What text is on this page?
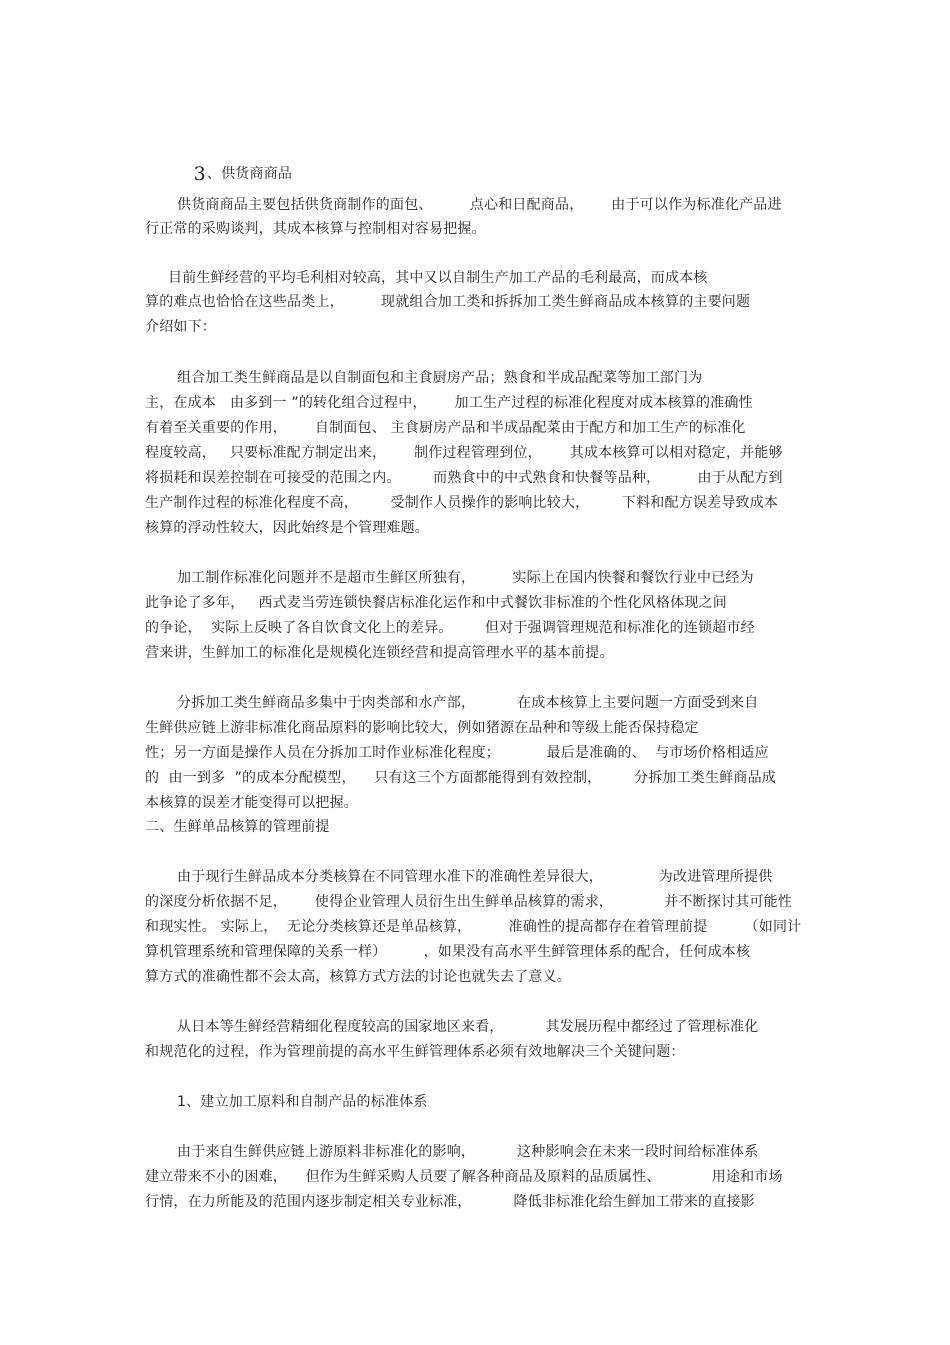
3、供货商商品

供货商商品主要包括供货商制作的面包、        点心和日配商品，      由于可以作为标准化产品进
行正常的采购谈判，其成本核算与控制相对容易把握。
目前生鲜经营的平均毛利相对较高，其中又以自制生产加工产品的毛利最高，而成本核
算的难点也恰恰在这些品类上，        现就组合加工类和拆拆加工类生鲜商品成本核算的主要问题
介绍如下：
组合加工类生鲜商品是以自制面包和主食厨房产品；熟食和半成品配菜等加工部门为
主，在成本   由多到一 ”的转化组合过程中，      加工生产过程的标准化程度对成本核算的准确性
有着至关重要的作用，      自制面包、 主食厨房产品和半成品配菜由于配方和加工生产的标准化
程度较高，   只要标准配方制定出来，      制作过程管理到位，      其成本核算可以相对稳定，并能够
将损耗和误差控制在可接受的范围之内。       而熟食中的中式熟食和快餐等品种，        由于从配方到
生产制作过程的标准化程度不高，       受制作人员操作的影响比较大，       下料和配方误差导致成本
核算的浮动性较大，因此始终是个管理难题。
加工制作标准化问题并不是超市生鲜区所独有，        实际上在国内快餐和餐饮行业中已经为
此争论了多年，   西式麦当劳连锁快餐店标准化运作和中式餐饮非标准的个性化风格体现之间
的争论，  实际上反映了各自饮食文化上的差异。       但对于强调管理规范和标准化的连锁超市经
营来讲，生鲜加工的标准化是规模化连锁经营和提高管理水平的基本前提。
分拆加工类生鲜商品多集中于肉类部和水产部，         在成本核算上主要问题一方面受到来自
生鲜供应链上游非标准化商品原料的影响比较大，例如猪源在品种和等级上能否保持稳定
性；另一方面是操作人员在分拆加工时作业标准化程度；          最后是准确的、  与市场价格相适应
的  由一到多  ”的成本分配模型，    只有这三个方面都能得到有效控制，       分拆加工类生鲜商品成
本核算的误差才能变得可以把握。
二、生鲜单品核算的管理前提
由于现行生鲜品成本分类核算在不同管理水准下的准确性差异很大，            为改进管理所提供
的深度分析依据不足，      使得企业管理人员衍生出生鲜单品核算的需求，           并不断探讨其可能性
和现实性。 实际上，  无论分类核算还是单品核算，        准确性的提高都存在着管理前提        （如同计
算机管理系统和管理保障的关系一样）        ，如果没有高水平生鲜管理体系的配合，任何成本核
算方式的准确性都不会太高，核算方式方法的讨论也就失去了意义。
从日本等生鲜经营精细化程度较高的国家地区来看，         其发展历程中都经过了管理标准化
和规范化的过程，作为管理前提的高水平生鲜管理体系必须有效地解决三个关键问题：
1、建立加工原料和自制产品的标准体系
由于来自生鲜供应链上游原料非标准化的影响，         这种影响会在未来一段时间给标准体系
建立带来不小的困难，    但作为生鲜采购人员要了解各种商品及原料的品质属性、           用途和市场
行情，在力所能及的范围内逐步制定相关专业标准，         降低非标准化给生鲜加工带来的直接影
